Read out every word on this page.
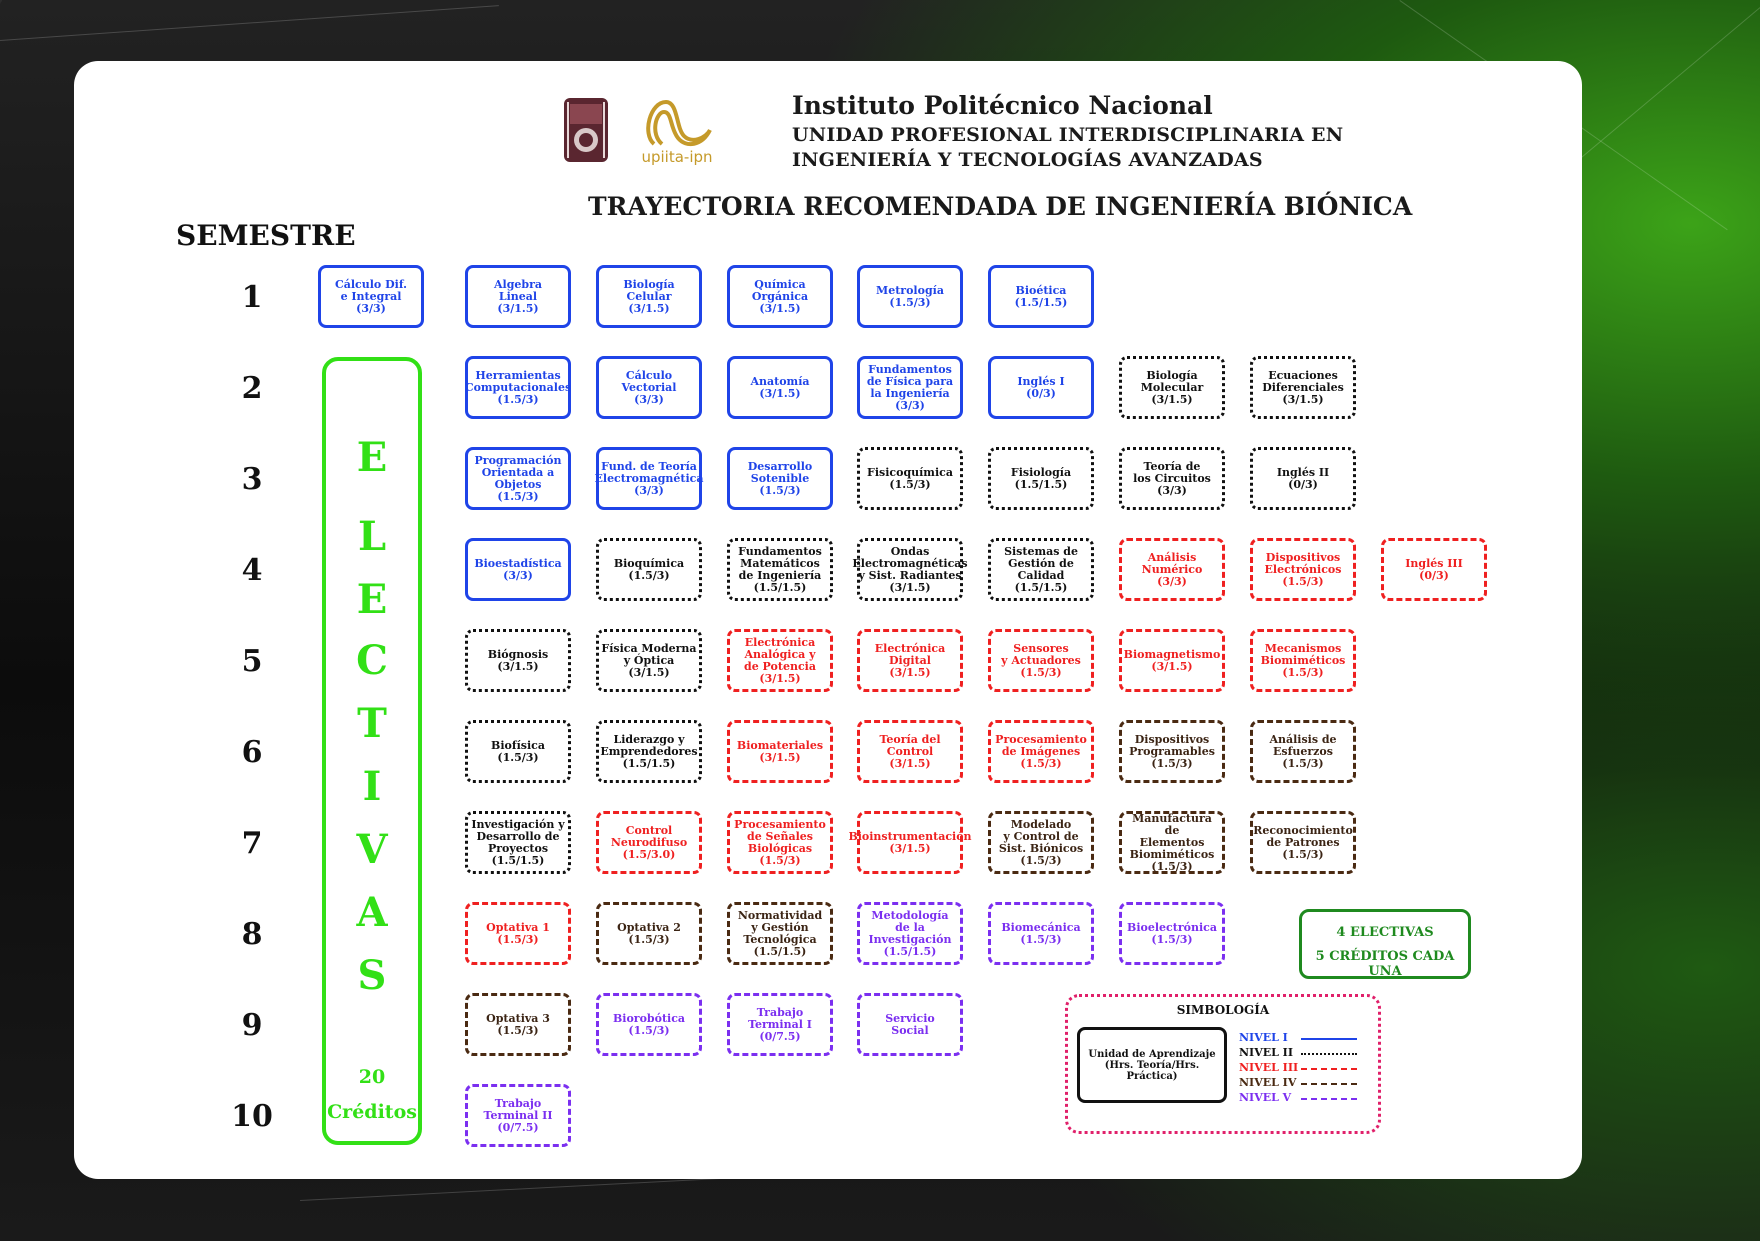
upiita-ipn
Instituto Politécnico Nacional
UNIDAD PROFESIONAL INTERDISCIPLINARIA EN
INGENIERÍA Y TECNOLOGÍAS AVANZADAS
TRAYECTORIA RECOMENDADA DE INGENIERÍA BIÓNICA
SEMESTRE
1
2
3
4
5
6
7
8
9
10
Cálculo Dif.
e Integral
(3/3)
Algebra
Lineal
(3/1.5)
Biología
Celular
(3/1.5)
Química
Orgánica
(3/1.5)
Metrología
(1.5/3)
Bioética
(1.5/1.5)
Herramientas
Computacionales
(1.5/3)
Cálculo
Vectorial
(3/3)
Anatomía
(3/1.5)
Fundamentos
de Física para
la Ingeniería
(3/3)
Inglés I
(0/3)
Biología
Molecular
(3/1.5)
Ecuaciones
Diferenciales
(3/1.5)
Programación
Orientada a
Objetos
(1.5/3)
Fund. de Teoría
Electromagnética
(3/3)
Desarrollo
Sotenible
(1.5/3)
Fisicoquímica
(1.5/3)
Fisiología
(1.5/1.5)
Teoría de
los Circuitos
(3/3)
Inglés II
(0/3)
Bioestadística
(3/3)
Bioquímica
(1.5/3)
Fundamentos
Matemáticos
de Ingeniería
(1.5/1.5)
Ondas
Electromagnéticas
y Sist. Radiantes
(3/1.5)
Sistemas de
Gestión de
Calidad
(1.5/1.5)
Análisis
Numérico
(3/3)
Dispositivos
Electrónicos
(1.5/3)
Inglés III
(0/3)
Biógnosis
(3/1.5)
Física Moderna
y Óptica
(3/1.5)
Electrónica
Analógica y
de Potencia
(3/1.5)
Electrónica
Digital
(3/1.5)
Sensores
y Actuadores
(1.5/3)
Biomagnetismo
(3/1.5)
Mecanismos
Biomiméticos
(1.5/3)
Biofísica
(1.5/3)
Liderazgo y
Emprendedores
(1.5/1.5)
Biomateriales
(3/1.5)
Teoría del
Control
(3/1.5)
Procesamiento
de Imágenes
(1.5/3)
Dispositivos
Programables
(1.5/3)
Análisis de
Esfuerzos
(1.5/3)
Investigación y
Desarrollo de
Proyectos
(1.5/1.5)
Control
Neurodifuso
(1.5/3.0)
Procesamiento
de Señales
Biológicas
(1.5/3)
Bioinstrumentación
(3/1.5)
Modelado
y Control de
Sist. Biónicos
(1.5/3)
Manufactura de
Elementos
Biomiméticos
(1.5/3)
Reconocimiento
de Patrones
(1.5/3)
Optativa 1
(1.5/3)
Optativa 2
(1.5/3)
Normatividad
y Gestión
Tecnológica
(1.5/1.5)
Metodología
de la Investigación
(1.5/1.5)
Biomecánica
(1.5/3)
Bioelectrónica
(1.5/3)
Optativa 3
(1.5/3)
Biorobótica
(1.5/3)
Trabajo
Terminal I
(0/7.5)
Servicio
Social
Trabajo
Terminal II
(0/7.5)
E
L
E
C
T
I
V
A
S
20
Créditos
4 ELECTIVAS
5 CRÉDITOS CADA UNA
SIMBOLOGÍA
Unidad de Aprendizaje
(Hrs. Teoría/Hrs. Práctica)
NIVEL I
NIVEL II
NIVEL III
NIVEL IV
NIVEL V
